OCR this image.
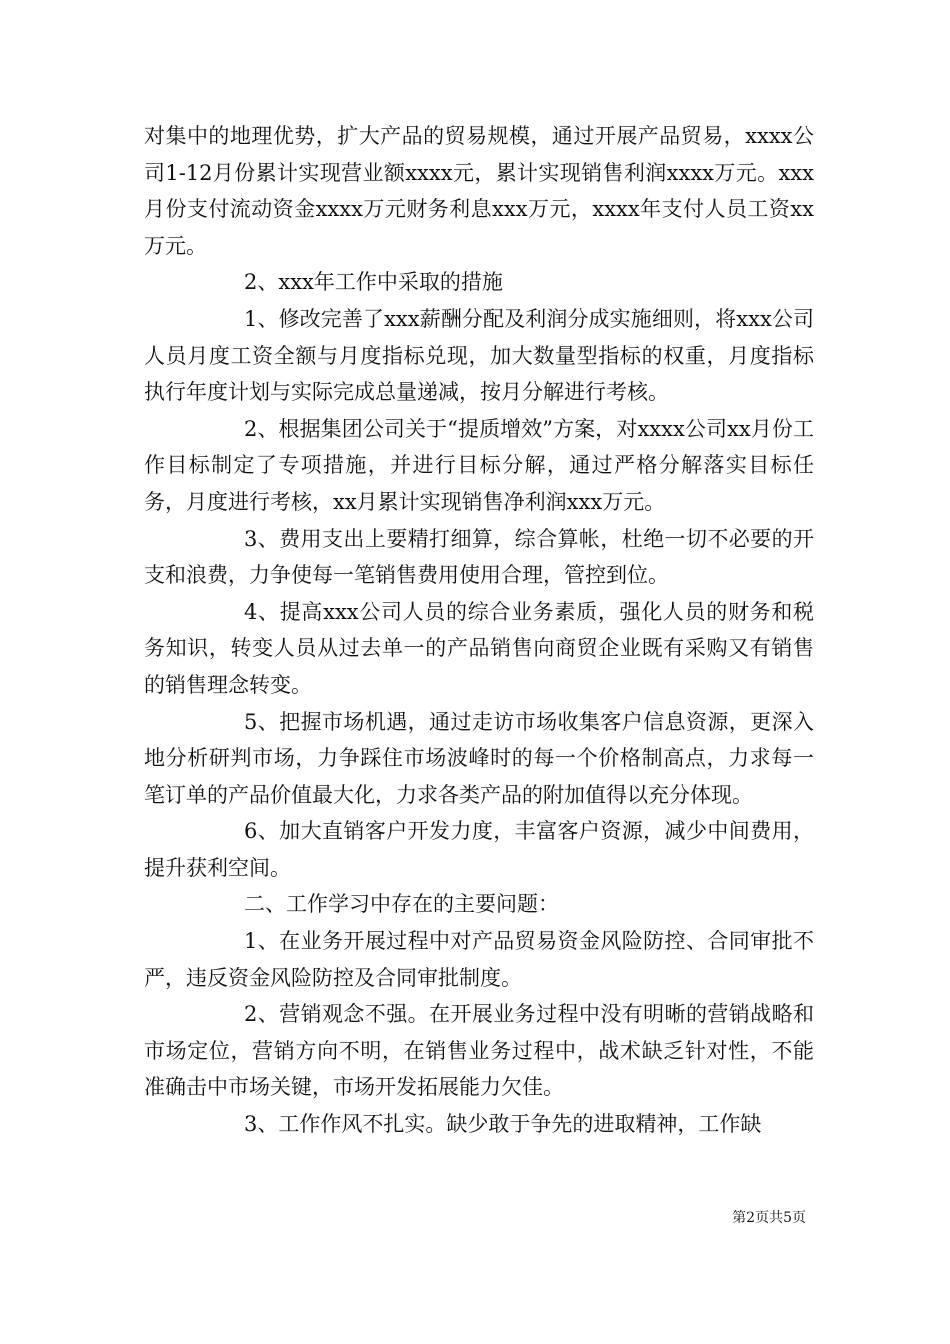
对集中的地理优势，扩大产品的贸易规模，通过开展产品贸易，xxxx公司1-12月份累计实现营业额xxxx元，累计实现销售利润xxxx万元。xxx月份支付流动资金xxxx万元财务利息xxx万元，xxxx年支付人员工资xx万元。

2、xxx年工作中采取的措施

1、修改完善了xxx薪酬分配及利润分成实施细则，将xxx公司人员月度工资全额与月度指标兑现，加大数量型指标的权重，月度指标执行年度计划与实际完成总量递减，按月分解进行考核。

2、根据集团公司关于“提质增效”方案，对xxxx公司xx月份工作目标制定了专项措施，并进行目标分解，通过严格分解落实目标任务，月度进行考核，xx月累计实现销售净利润xxx万元。

3、费用支出上要精打细算，综合算帐，杜绝一切不必要的开支和浪费，力争使每一笔销售费用使用合理，管控到位。

4、提高xxx公司人员的综合业务素质，强化人员的财务和税务知识，转变人员从过去单一的产品销售向商贸企业既有采购又有销售的销售理念转变。

5、把握市场机遇，通过走访市场收集客户信息资源，更深入地分析研判市场，力争踩住市场波峰时的每一个价格制高点，力求每一笔订单的产品价值最大化，力求各类产品的附加值得以充分体现。

6、加大直销客户开发力度，丰富客户资源，减少中间费用，提升获利空间。

二、工作学习中存在的主要问题：

1、在业务开展过程中对产品贸易资金风险防控、合同审批不严，违反资金风险防控及合同审批制度。

2、营销观念不强。在开展业务过程中没有明晰的营销战略和市场定位，营销方向不明，在销售业务过程中，战术缺乏针对性，不能准确击中市场关键，市场开发拓展能力欠佳。

3、工作作风不扎实。缺少敢于争先的进取精神，工作缺

第2页共5页
